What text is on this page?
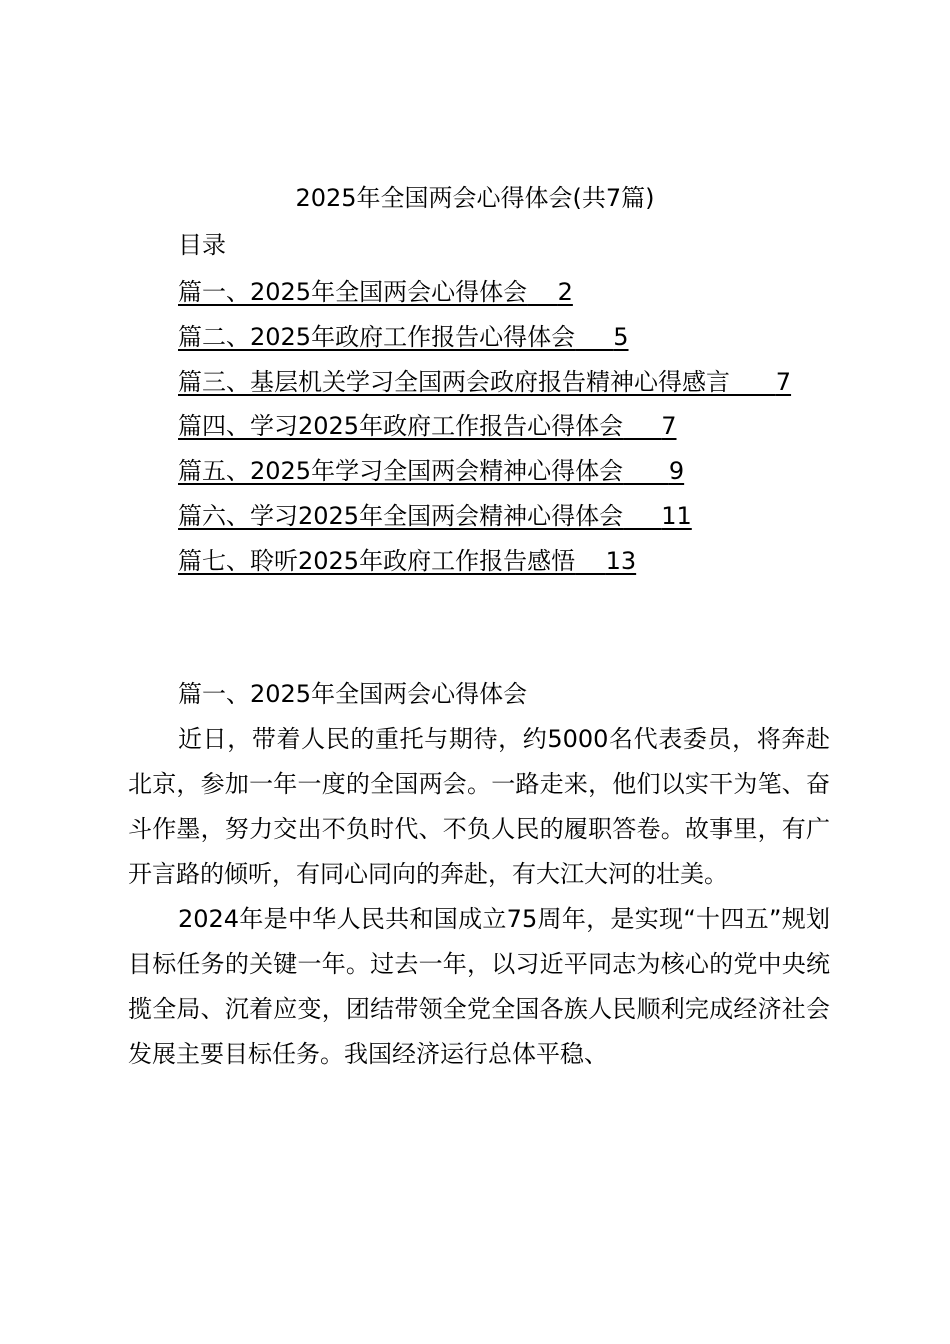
2025年全国两会心得体会(共7篇)
目录
篇一、2025年全国两会心得体会 2
篇二、2025年政府工作报告心得体会 5
篇三、基层机关学习全国两会政府报告精神心得感言 7
篇四、学习2025年政府工作报告心得体会 7
篇五、2025年学习全国两会精神心得体会 9
篇六、学习2025年全国两会精神心得体会 11
篇七、聆听2025年政府工作报告感悟 13

篇一、2025年全国两会心得体会

近日，带着人民的重托与期待，约5000名代表委员，将奔赴北京，参加一年一度的全国两会。一路走来，他们以实干为笔、奋斗作墨，努力交出不负时代、不负人民的履职答卷。故事里，有广开言路的倾听，有同心同向的奔赴，有大江大河的壮美。

2024年是中华人民共和国成立75周年，是实现“十四五”规划目标任务的关键一年。过去一年，以习近平同志为核心的党中央统揽全局、沉着应变，团结带领全党全国各族人民顺利完成经济社会发展主要目标任务。我国经济运行总体平稳、
